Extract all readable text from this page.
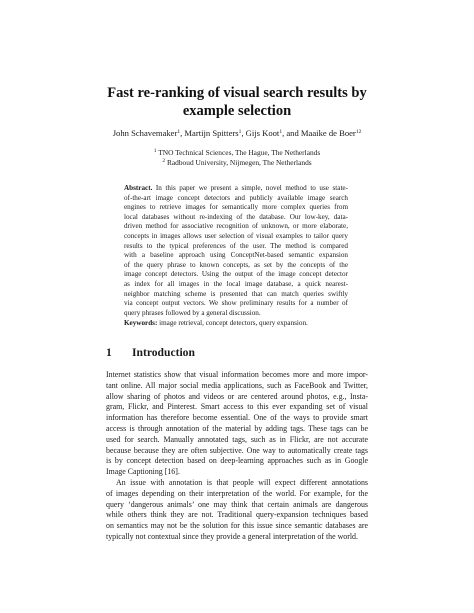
Fast re-ranking of visual search results by
example selection
John Schavemaker$^1$, Martijn Spitters$^1$, Gijs Koot$^1$, and Maaike de Boer$^{12}$
$^1$ TNO Technical Sciences, The Hague, The Netherlands
$^2$ Radboud University, Nijmegen, The Netherlands
Abstract. In this paper we present a simple, novel method to use state-
of-the-art image concept detectors and publicly available image search
engines to retrieve images for semantically more complex queries from
local databases without re-indexing of the database. Our low-key, data-
driven method for associative recognition of unknown, or more elaborate,
concepts in images allows user selection of visual examples to tailor query
results to the typical preferences of the user. The method is compared
with a baseline approach using ConceptNet-based semantic expansion
of the query phrase to known concepts, as set by the concepts of the
image concept detectors. Using the output of the image concept detector
as index for all images in the local image database, a quick nearest-
neighbor matching scheme is presented that can match queries swiftly
via concept output vectors. We show preliminary results for a number of
query phrases followed by a general discussion.
Keywords: image retrieval, concept detectors, query expansion.
1 Introduction
Internet statistics show that visual information becomes more and more impor-
tant online. All major social media applications, such as FaceBook and Twitter,
allow sharing of photos and videos or are centered around photos, e.g., Insta-
gram, Flickr, and Pinterest. Smart access to this ever expanding set of visual
information has therefore become essential. One of the ways to provide smart
access is through annotation of the material by adding tags. These tags can be
used for search. Manually annotated tags, such as in Flickr, are not accurate
because because they are often subjective. One way to automatically create tags
is by concept detection based on deep-learning approaches such as in Google
Image Captioning [16].
An issue with annotation is that people will expect different annotations
of images depending on their interpretation of the world. For example, for the
query ‘dangerous animals’ one may think that certain animals are dangerous
while others think they are not. Traditional query-expansion techniques based
on semantics may not be the solution for this issue since semantic databases are
typically not contextual since they provide a general interpretation of the world.
